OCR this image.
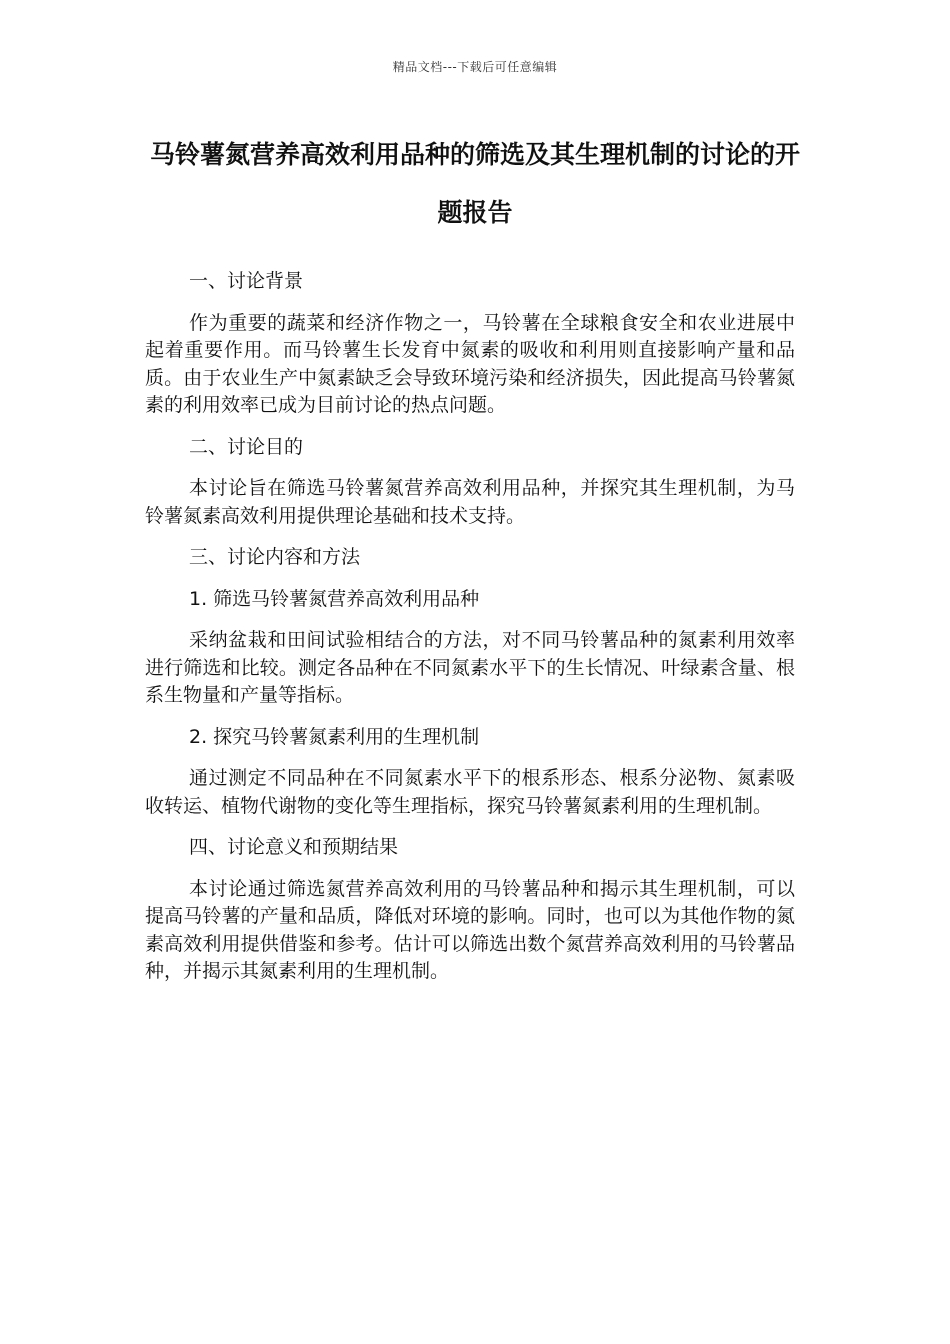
精品文档---下载后可任意编辑
马铃薯氮营养高效利用品种的筛选及其生理机制的讨论的开题报告
一、讨论背景
作为重要的蔬菜和经济作物之一，马铃薯在全球粮食安全和农业进展中起着重要作用。而马铃薯生长发育中氮素的吸收和利用则直接影响产量和品质。由于农业生产中氮素缺乏会导致环境污染和经济损失，因此提高马铃薯氮素的利用效率已成为目前讨论的热点问题。
二、讨论目的
本讨论旨在筛选马铃薯氮营养高效利用品种，并探究其生理机制，为马铃薯氮素高效利用提供理论基础和技术支持。
三、讨论内容和方法
1. 筛选马铃薯氮营养高效利用品种
采纳盆栽和田间试验相结合的方法，对不同马铃薯品种的氮素利用效率进行筛选和比较。测定各品种在不同氮素水平下的生长情况、叶绿素含量、根系生物量和产量等指标。
2. 探究马铃薯氮素利用的生理机制
通过测定不同品种在不同氮素水平下的根系形态、根系分泌物、氮素吸收转运、植物代谢物的变化等生理指标，探究马铃薯氮素利用的生理机制。
四、讨论意义和预期结果
本讨论通过筛选氮营养高效利用的马铃薯品种和揭示其生理机制，可以提高马铃薯的产量和品质，降低对环境的影响。同时，也可以为其他作物的氮素高效利用提供借鉴和参考。估计可以筛选出数个氮营养高效利用的马铃薯品种，并揭示其氮素利用的生理机制。
